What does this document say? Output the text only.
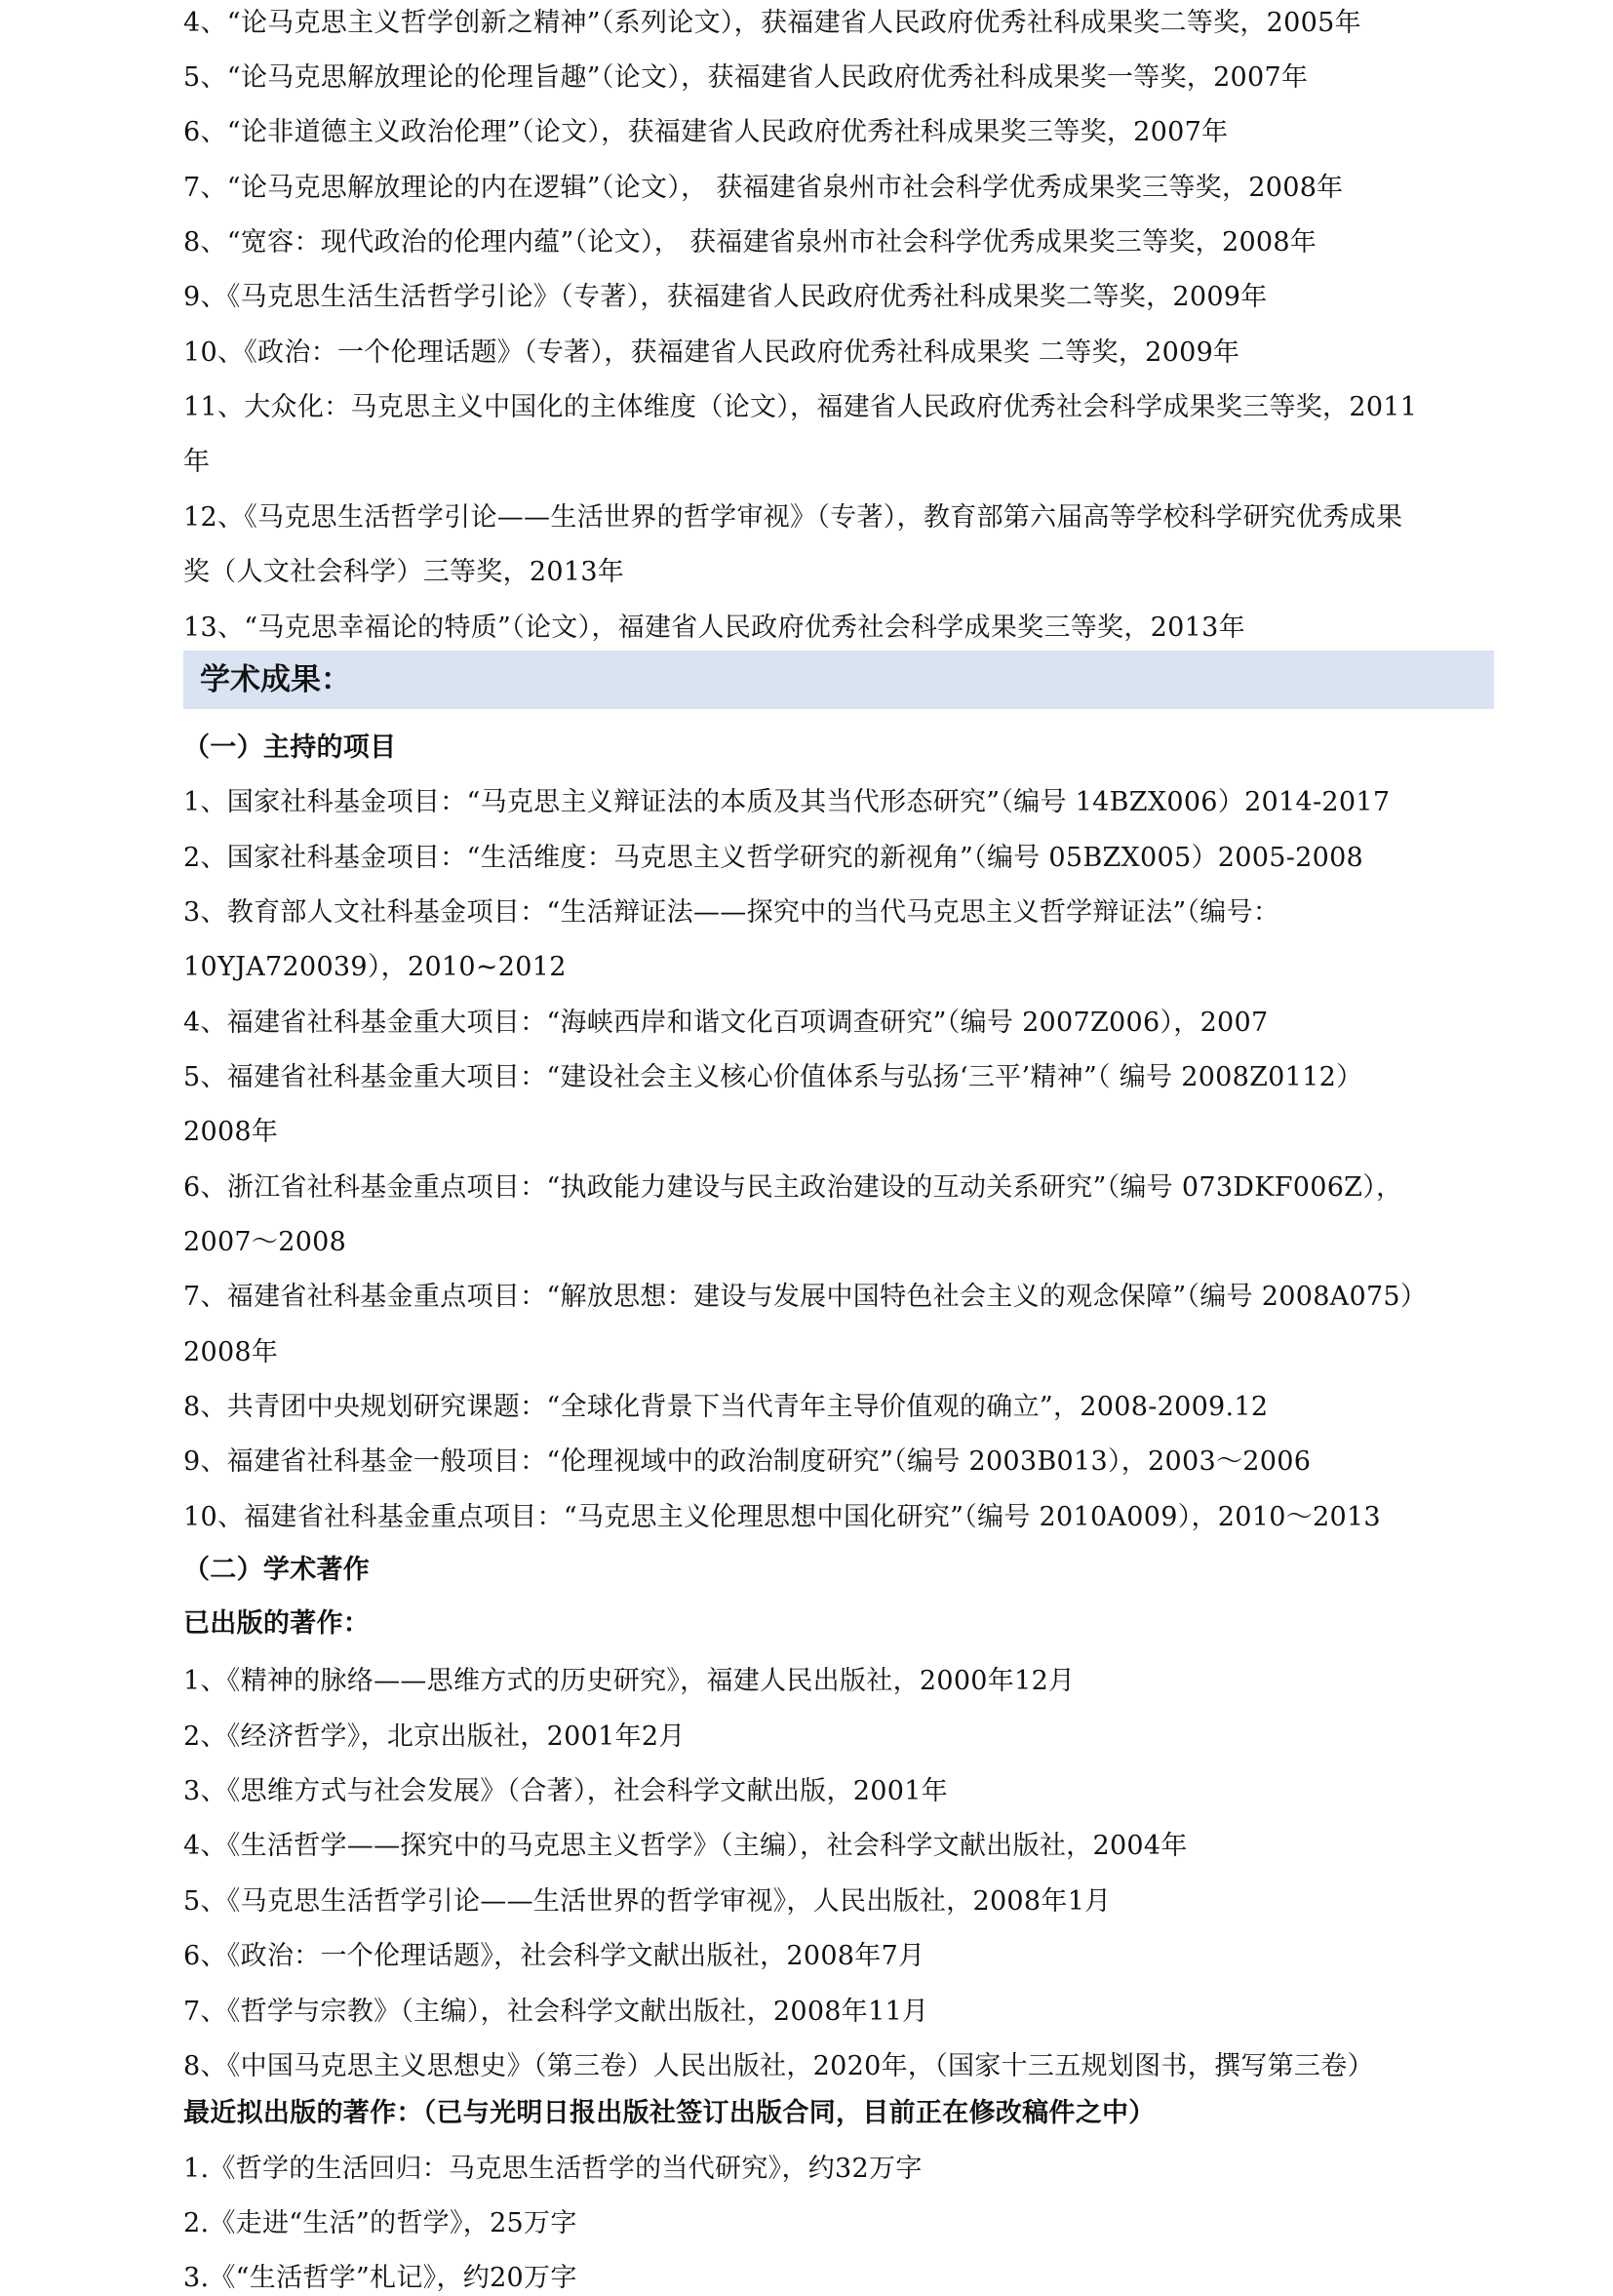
4、“论马克思主义哲学创新之精神”（系列论文），获福建省人民政府优秀社科成果奖二等奖，2005年
5、“论马克思解放理论的伦理旨趣”（论文），获福建省人民政府优秀社科成果奖一等奖，2007年
6、“论非道德主义政治伦理”（论文），获福建省人民政府优秀社科成果奖三等奖，2007年
7、“论马克思解放理论的内在逻辑”（论文）， 获福建省泉州市社会科学优秀成果奖三等奖，2008年
8、“宽容：现代政治的伦理内蕴”（论文）， 获福建省泉州市社会科学优秀成果奖三等奖，2008年
9、《马克思生活生活哲学引论》（专著），获福建省人民政府优秀社科成果奖二等奖，2009年
10、《政治：一个伦理话题》（专著），获福建省人民政府优秀社科成果奖 二等奖，2009年
11、大众化：马克思主义中国化的主体维度（论文），福建省人民政府优秀社会科学成果奖三等奖，2011
年
12、《马克思生活哲学引论——生活世界的哲学审视》（专著），教育部第六届高等学校科学研究优秀成果
奖（人文社会科学）三等奖，2013年
13、“马克思幸福论的特质”（论文），福建省人民政府优秀社会科学成果奖三等奖，2013年
学术成果：
（一）主持的项目
1、国家社科基金项目：“马克思主义辩证法的本质及其当代形态研究”（编号 14BZX006）2014-2017
2、国家社科基金项目：“生活维度：马克思主义哲学研究的新视角”（编号 05BZX005）2005-2008
3、教育部人文社科基金项目：“生活辩证法——探究中的当代马克思主义哲学辩证法”（编号：
10YJA720039），2010~2012
4、福建省社科基金重大项目：“海峡西岸和谐文化百项调查研究”（编号 2007Z006），2007
5、福建省社科基金重大项目：“建设社会主义核心价值体系与弘扬‘三平’精神”（ 编号 2008Z0112）
2008年
6、浙江省社科基金重点项目：“执政能力建设与民主政治建设的互动关系研究”（编号 073DKF006Z），
2007～2008
7、福建省社科基金重点项目：“解放思想：建设与发展中国特色社会主义的观念保障”（编号 2008A075）
2008年
8、共青团中央规划研究课题：“全球化背景下当代青年主导价值观的确立”，2008-2009.12
9、福建省社科基金一般项目：“伦理视域中的政治制度研究”（编号 2003B013），2003～2006
10、福建省社科基金重点项目：“马克思主义伦理思想中国化研究”（编号 2010A009），2010～2013
（二）学术著作
已出版的著作：
1、《精神的脉络——思维方式的历史研究》，福建人民出版社，2000年12月
2、《经济哲学》，北京出版社，2001年2月
3、《思维方式与社会发展》（合著），社会科学文献出版，2001年
4、《生活哲学——探究中的马克思主义哲学》（主编），社会科学文献出版社，2004年
5、《马克思生活哲学引论——生活世界的哲学审视》，人民出版社，2008年1月
6、《政治：一个伦理话题》，社会科学文献出版社，2008年7月
7、《哲学与宗教》（主编），社会科学文献出版社，2008年11月
8、《中国马克思主义思想史》（第三卷）人民出版社，2020年，（国家十三五规划图书，撰写第三卷）
最近拟出版的著作：（已与光明日报出版社签订出版合同，目前正在修改稿件之中）
1.《哲学的生活回归：马克思生活哲学的当代研究》，约32万字
2.《走进“生活”的哲学》，25万字
3.《“生活哲学”札记》，约20万字
